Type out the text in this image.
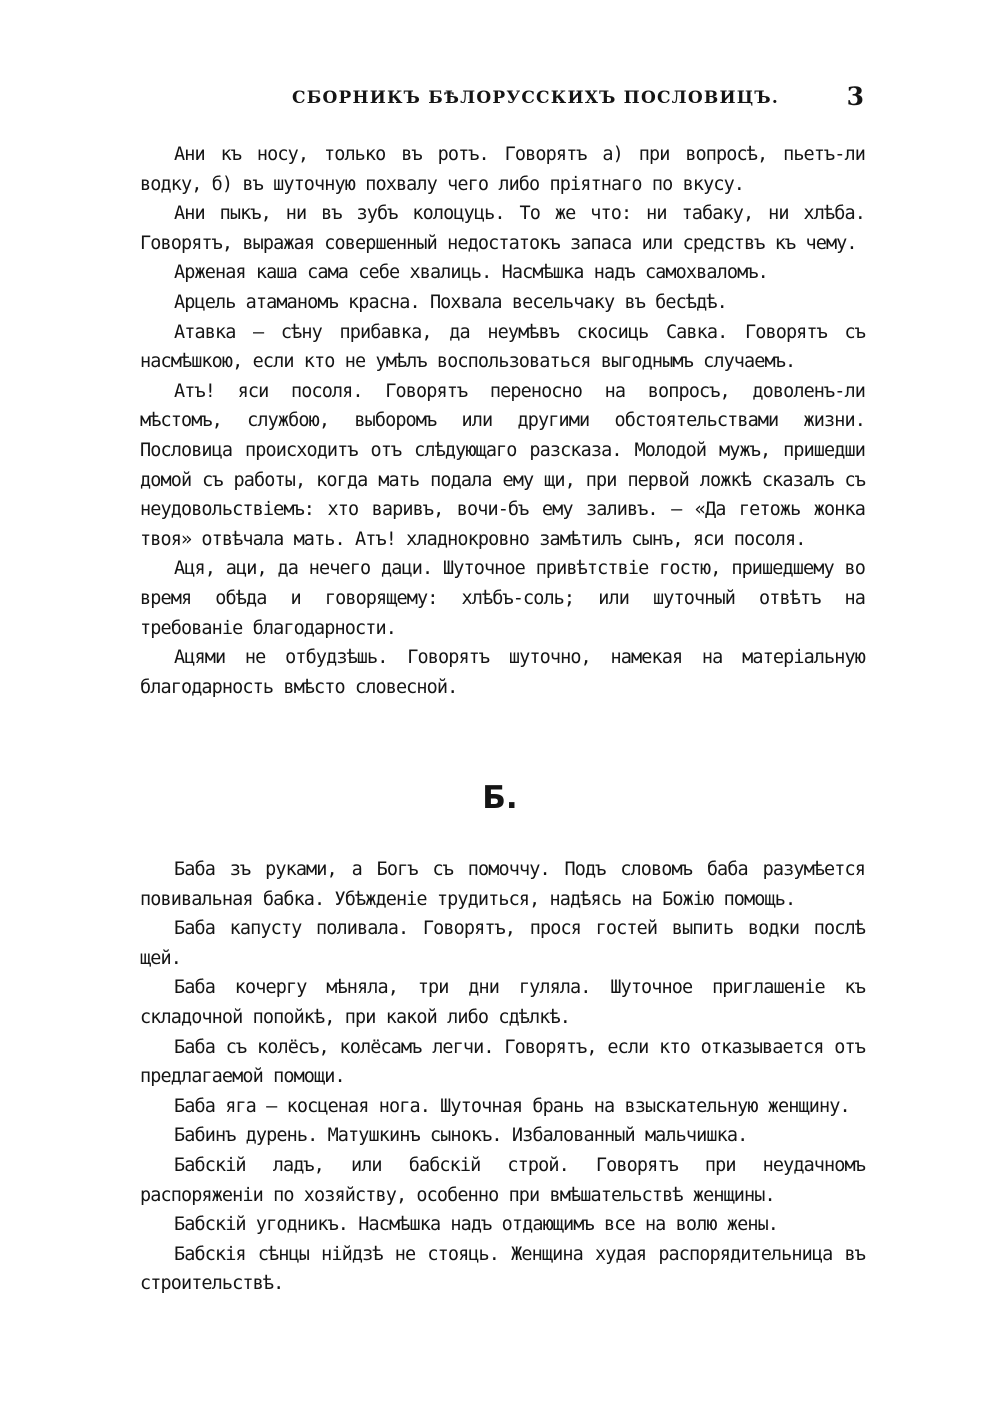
СБОРНИКЪ БѢЛОРУССКИХЪ ПОСЛОВИЦЪ.	3

Ани къ носу, только въ ротъ. Говорятъ а) при вопросѣ, пьетъ-ли водку, б) въ шуточную похвалу чего либо пріятнаго по вкусу.

Ани пыкъ, ни въ зубъ колоцуць. То же что: ни табаку, ни хлѣба. Говорятъ, выражая совершенный недостатокъ запаса или средствъ къ чему.

Арженая каша сама себе хвалиць. Насмѣшка надъ самохваломъ.

Арцель атаманомъ красна. Похвала весельчаку въ бесѣдѣ.

Атавка — сѣну прибавка, да неумѣвъ скосиць Савка. Говорятъ съ насмѣшкою, если кто не умѣлъ воспользоваться выгоднымъ случаемъ.

Атъ! яси посоля. Говорятъ переносно на вопросъ, доволенъ-ли мѣстомъ, службою, выборомъ или другими обстоятельствами жизни. Пословица происходитъ отъ слѣдующаго разсказа. Молодой мужъ, пришедши домой съ работы, когда мать подала ему щи, при первой ложкѣ сказалъ съ неудовольствіемъ: хто варивъ, вочи-бъ ему заливъ. — «Да гетожь жонка твоя» отвѣчала мать. Атъ! хладнокровно замѣтилъ сынъ, яси посоля.

Аця, аци, да нечего даци. Шуточное привѣтствіе гостю, пришедшему во время обѣда и говорящему: хлѣбъ-соль; или шуточный отвѣтъ на требованіе благодарности.

Ацями не отбудзѣшь. Говорятъ шуточно, намекая на матеріальную благодарность вмѣсто словесной.

Б.

Баба зъ руками, а Богъ съ помоччу. Подъ словомъ баба разумѣется повивальная бабка. Убѣжденіе трудиться, надѣясь на Божію помощь.

Баба капусту поливала. Говорятъ, прося гостей выпить водки послѣ щей.

Баба кочергу мѣняла, три дни гуляла. Шуточное приглашеніе къ складочной попойкѣ, при какой либо сдѣлкѣ.

Баба съ колёсъ, колёсамъ легчи. Говорятъ, если кто отказывается отъ предлагаемой помощи.

Баба яга — косценая нога. Шуточная брань на взыскательную женщину.

Бабинъ дурень. Матушкинъ сынокъ. Избалованный мальчишка.

Бабскій ладъ, или бабскій строй. Говорятъ при неудачномъ распоряженіи по хозяйству, особенно при вмѣшательствѣ женщины.

Бабскій угодникъ. Насмѣшка надъ отдающимъ все на волю жены.

Бабскія сѣнцы нійдзѣ не стояць. Женщина худая распорядительница въ строительствѣ.
